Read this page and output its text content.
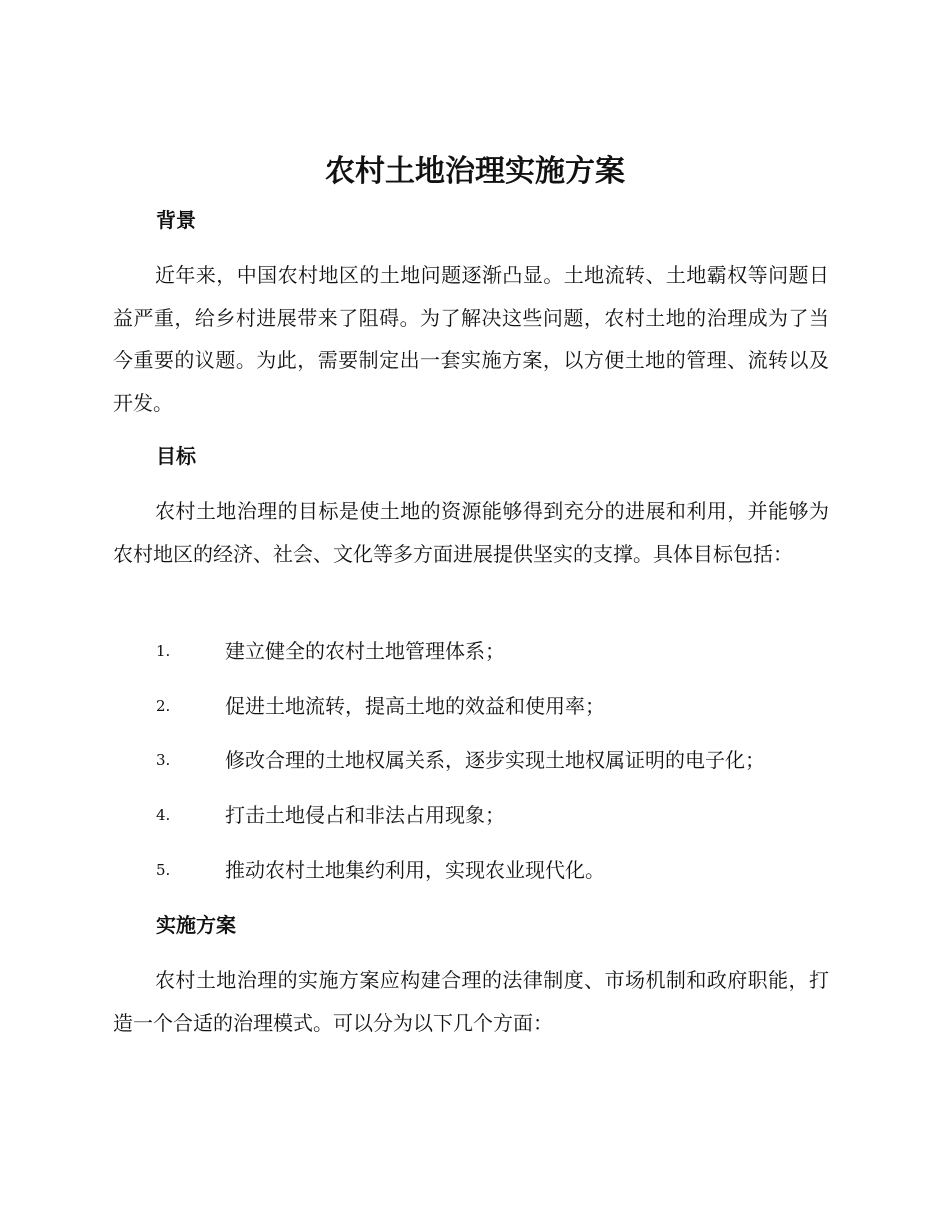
农村土地治理实施方案
背景

近年来，中国农村地区的土地问题逐渐凸显。土地流转、土地霸权等问题日益严重，给乡村进展带来了阻碍。为了解决这些问题，农村土地的治理成为了当今重要的议题。为此，需要制定出一套实施方案，以方便土地的管理、流转以及开发。

目标

农村土地治理的目标是使土地的资源能够得到充分的进展和利用，并能够为农村地区的经济、社会、文化等多方面进展提供坚实的支撑。具体目标包括：

1.	建立健全的农村土地管理体系；
2.	促进土地流转，提高土地的效益和使用率；
3.	修改合理的土地权属关系，逐步实现土地权属证明的电子化；
4.	打击土地侵占和非法占用现象；
5.	推动农村土地集约利用，实现农业现代化。
实施方案

农村土地治理的实施方案应构建合理的法律制度、市场机制和政府职能，打造一个合适的治理模式。可以分为以下几个方面：
